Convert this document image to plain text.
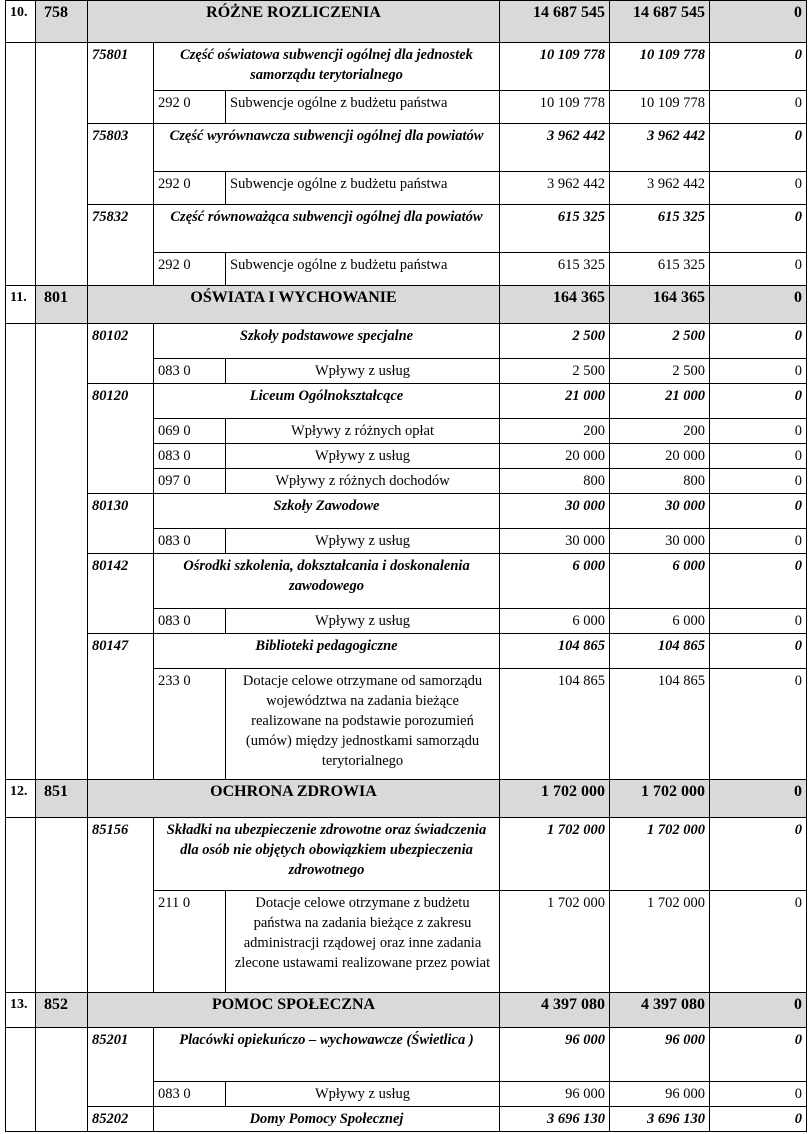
10.	758	RÓŻNE ROZLICZENIA			14 687 545	14 687 545	0
		75801	Część oświatowa subwencji ogólnej dla jednostek samorządu terytorialnego		10 109 778	10 109 778	0
			292 0	Subwencje ogólne z budżetu państwa	10 109 778	10 109 778	0
		75803	Część wyrównawcza subwencji ogólnej dla powiatów		3 962 442	3 962 442	0
			292 0	Subwencje ogólne z budżetu państwa	3 962 442	3 962 442	0
		75832	Część równoważąca subwencji ogólnej dla powiatów		615 325	615 325	0
			292 0	Subwencje ogólne z budżetu państwa	615 325	615 325	0
11.	801	OŚWIATA I WYCHOWANIE			164 365	164 365	0
		80102	Szkoły podstawowe specjalne		2 500	2 500	0
			083 0	Wpływy z usług	2 500	2 500	0
		80120	Liceum Ogólnokształcące		21 000	21 000	0
			069 0	Wpływy z różnych opłat	200	200	0
			083 0	Wpływy z usług	20 000	20 000	0
			097 0	Wpływy z różnych dochodów	800	800	0
		80130	Szkoły Zawodowe		30 000	30 000	0
			083 0	Wpływy z usług	30 000	30 000	0
		80142	Ośrodki szkolenia, dokształcania i doskonalenia zawodowego		6 000	6 000	0
			083 0	Wpływy z usług	6 000	6 000	0
		80147	Biblioteki pedagogiczne		104 865	104 865	0
			233 0	Dotacje celowe otrzymane od samorządu województwa na zadania bieżące realizowane na podstawie porozumień (umów) między jednostkami samorządu terytorialnego	104 865	104 865	0
12.	851	OCHRONA ZDROWIA			1 702 000	1 702 000	0
		85156	Składki na ubezpieczenie zdrowotne oraz świadczenia dla osób nie objętych obowiązkiem ubezpieczenia zdrowotnego		1 702 000	1 702 000	0
			211 0	Dotacje celowe otrzymane z budżetu państwa na zadania bieżące z zakresu administracji rządowej oraz inne zadania zlecone ustawami realizowane przez powiat	1 702 000	1 702 000	0
13.	852	POMOC SPOŁECZNA			4 397 080	4 397 080	0
		85201	Placówki opiekuńczo – wychowawcze (Świetlica )		96 000	96 000	0
			083 0	Wpływy z usług	96 000	96 000	0
		85202	Domy Pomocy Społecznej		3 696 130	3 696 130	0
